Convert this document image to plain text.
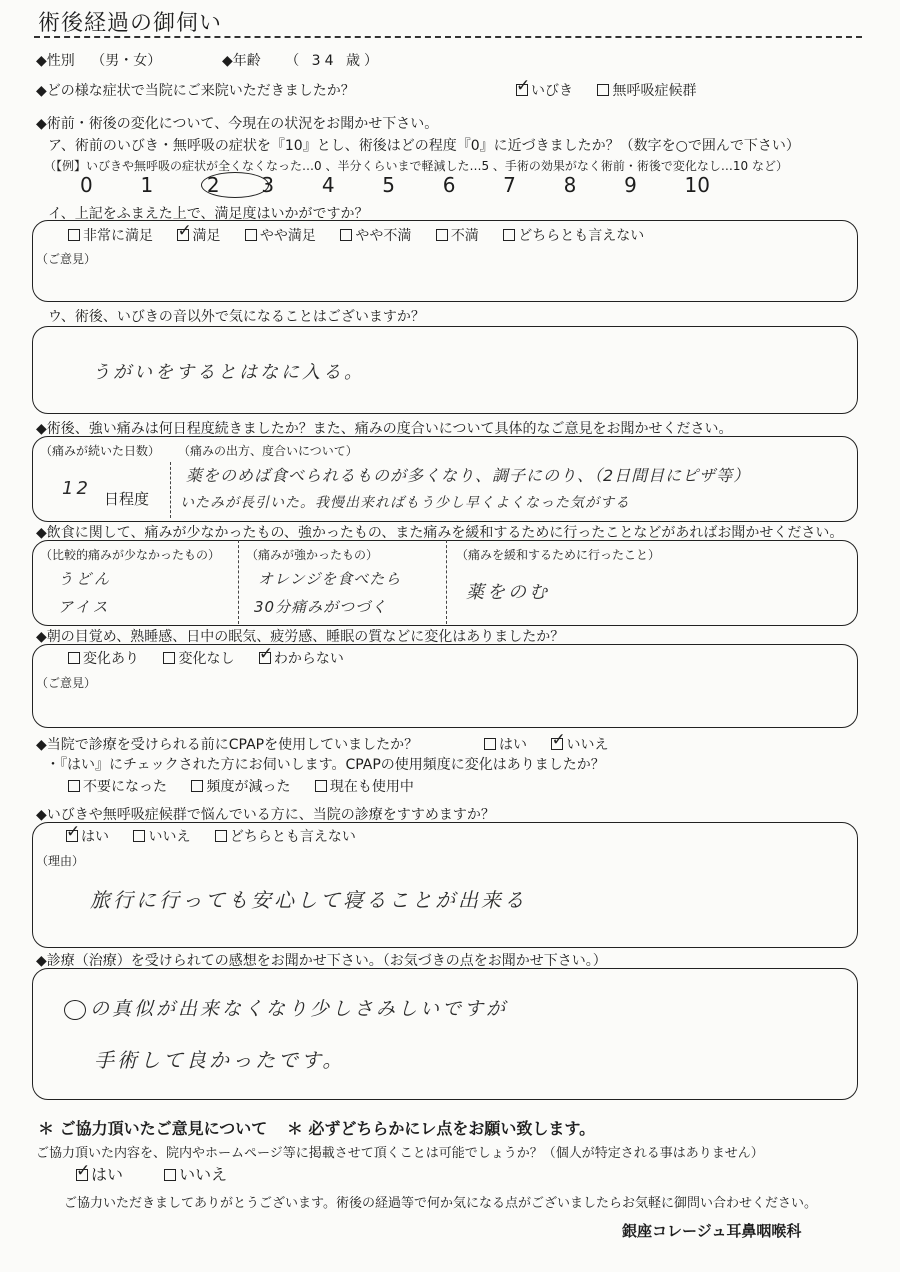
術後経過の御伺い
◆性別 （男・女）	◆年齢 （ 34 歳）
◆どの様な症状で当院にご来院いただきましたか？ ✓	いびき	無呼吸症候群
◆術前・術後の変化について、今現在の状況をお聞かせ下さい。
ア、術前のいびき・無呼吸の症状を『10』とし、術後はどの程度『0』に近づきましたか？（数字を○で囲んで下さい）
（【例】いびきや無呼吸の症状が全くなくなった…0 、半分くらいまで軽減した…5 、手術の効果がなく術前・術後で変化なし…10 など）
0 1	2 3 4 5 6 7 8 9 10
イ、上記をふまえた上で、満足度はいかがですか？
非常に満足 ✓	満足	やや満足	やや不満	不満	どちらとも言えない
（ご意見）
ウ、術後、いびきの音以外で気になることはございますか？
うがいをするとはなに入る。
◆術後、強い痛みは何日程度続きましたか？また、痛みの度合いについて具体的なご意見をお聞かせください。
（痛みが続いた日数）
12 日程度
（痛みの出方、度合いについて）
薬をのめば食べられるものが多くなり、調子にのり、（2日間目にピザ等）
いたみが長引いた。我慢出来ればもう少し早くよくなった気がする
◆飲食に関して、痛みが少なかったもの、強かったもの、また痛みを緩和するために行ったことなどがあればお聞かせください。
（比較的痛みが少なかったもの）
うどん
アイス
（痛みが強かったもの）
オレンジを食べたら
30分痛みがつづく
（痛みを緩和するために行ったこと）
薬をのむ
◆朝の目覚め、熟睡感、日中の眠気、疲労感、睡眠の質などに変化はありましたか？
変化あり	変化なし ✓	わからない
（ご意見）
◆当院で診療を受けられる前にCPAPを使用していましたか？	はい ✓	いいえ
・『はい』にチェックされた方にお伺いします。CPAPの使用頻度に変化はありましたか？
不要になった	頻度が減った	現在も使用中
◆いびきや無呼吸症候群で悩んでいる方に、当院の診療をすすめますか？
✓はい	いいえ	どちらとも言えない
（理由）
旅行に行っても安心して寝ることが出来る
◆診療（治療）を受けられての感想をお聞かせ下さい。（お気づきの点をお聞かせ下さい。）
の真似が出来なくなり少しさみしいですが
手術して良かったです。
＊ ご協力頂いたご意見について ＊ 必ずどちらかにレ点をお願い致します。
ご協力頂いた内容を、院内やホームページ等に掲載させて頂くことは可能でしょうか？（個人が特定される事はありません）
✓はい	いいえ
ご協力いただきましてありがとうございます。術後の経過等で何か気になる点がございましたらお気軽に御問い合わせください。
銀座コレージュ耳鼻咽喉科
